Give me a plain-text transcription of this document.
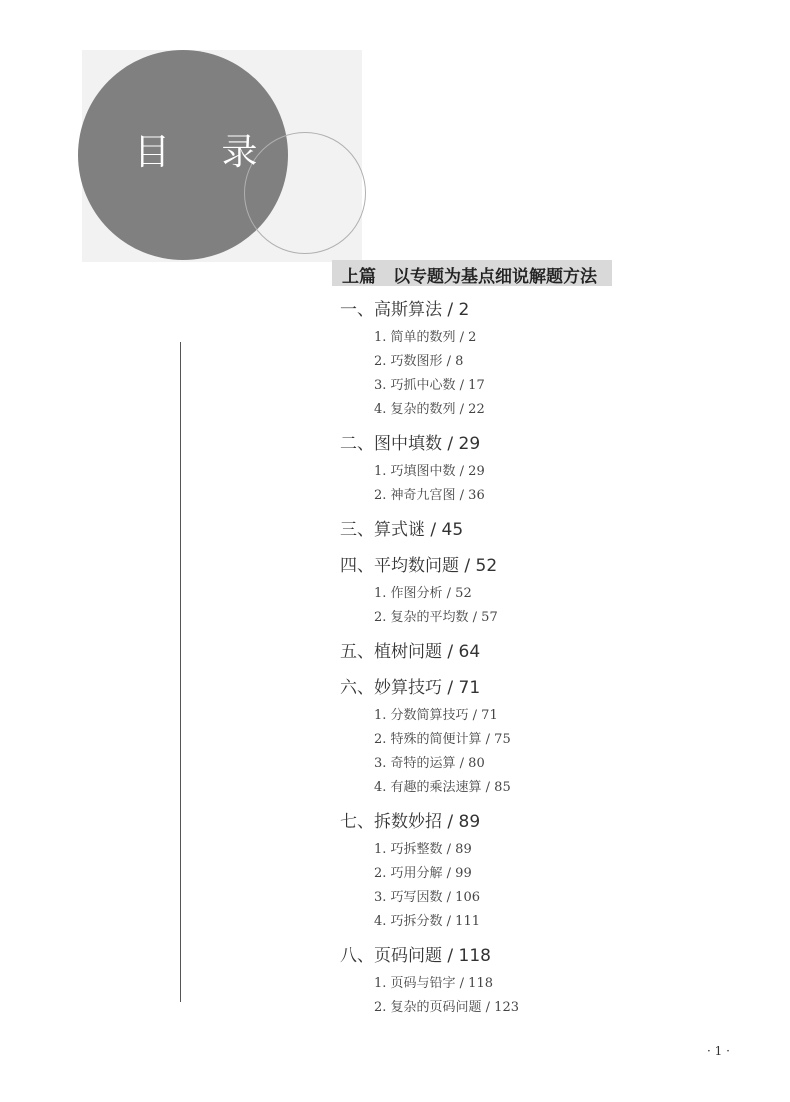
目 录
上篇　以专题为基点细说解题方法
一、高斯算法 / 2
1. 简单的数列 / 2
2. 巧数图形 / 8
3. 巧抓中心数 / 17
4. 复杂的数列 / 22
二、图中填数 / 29
1. 巧填图中数 / 29
2. 神奇九宫图 / 36
三、算式谜 / 45
四、平均数问题 / 52
1. 作图分析 / 52
2. 复杂的平均数 / 57
五、植树问题 / 64
六、妙算技巧 / 71
1. 分数简算技巧 / 71
2. 特殊的简便计算 / 75
3. 奇特的运算 / 80
4. 有趣的乘法速算 / 85
七、拆数妙招 / 89
1. 巧拆整数 / 89
2. 巧用分解 / 99
3. 巧写因数 / 106
4. 巧拆分数 / 111
八、页码问题 / 118
1. 页码与铅字 / 118
2. 复杂的页码问题 / 123
· 1 ·
